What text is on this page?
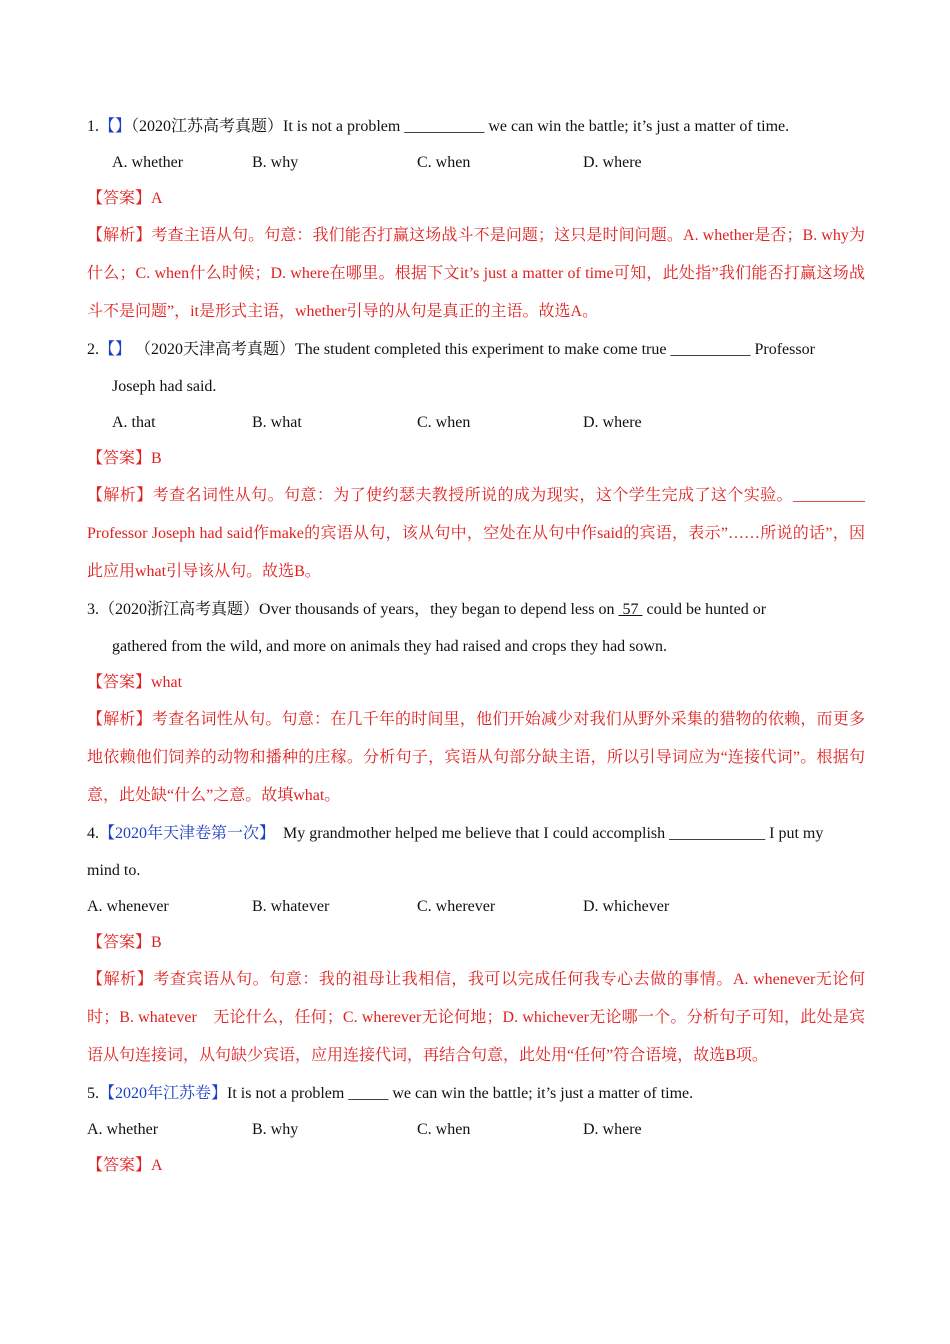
1.【】（2020江苏高考真题）It is not a problem __________ we can win the battle; it’s just a matter of time.
A. whether	B. why	C. when	D. where
【答案】A

【解析】考查主语从句。句意：我们能否打赢这场战斗不是问题；这只是时间问题。A. whether是否；B. why为什么；C. when什么时候；D. where在哪里。根据下文it’s just a matter of time可知，此处指”我们能否打赢这场战斗不是问题”，it是形式主语，whether引导的从句是真正的主语。故选A。

2.【】 （2020天津高考真题）The student completed this experiment to make come true __________ Professor
Joseph had said.
A. that	B. what	C. when	D. where
【答案】B

【解析】考查名词性从句。句意：为了使约瑟夫教授所说的成为现实，这个学生完成了这个实验。_________ Professor Joseph had said作make的宾语从句，该从句中，空处在从句中作said的宾语，表示”……所说的话”，因此应用what引导该从句。故选B。

3.（2020浙江高考真题）Over thousands of years，they began to depend less on  57  could be hunted or
gathered from the wild, and more on animals they had raised and crops they had sown.
【答案】what

【解析】考查名词性从句。句意：在几千年的时间里，他们开始减少对我们从野外采集的猎物的依赖，而更多地依赖他们饲养的动物和播种的庄稼。分析句子，宾语从句部分缺主语，所以引导词应为“连接代词”。根据句意，此处缺“什么”之意。故填what。

4.【2020年天津卷第一次】 My grandmother helped me believe that I could accomplish ____________ I put my
mind to.
A. whenever	B. whatever	C. wherever	D. whichever
【答案】B

【解析】考查宾语从句。句意：我的祖母让我相信，我可以完成任何我专心去做的事情。A. whenever无论何时；B. whatever　无论什么，任何；C. wherever无论何地；D. whichever无论哪一个。分析句子可知，此处是宾语从句连接词，从句缺少宾语，应用连接代词，再结合句意，此处用“任何”符合语境，故选B项。

5.【2020年江苏卷】It is not a problem _____ we can win the battle; it’s just a matter of time.
A. whether	B. why	C. when	D. where
【答案】A
